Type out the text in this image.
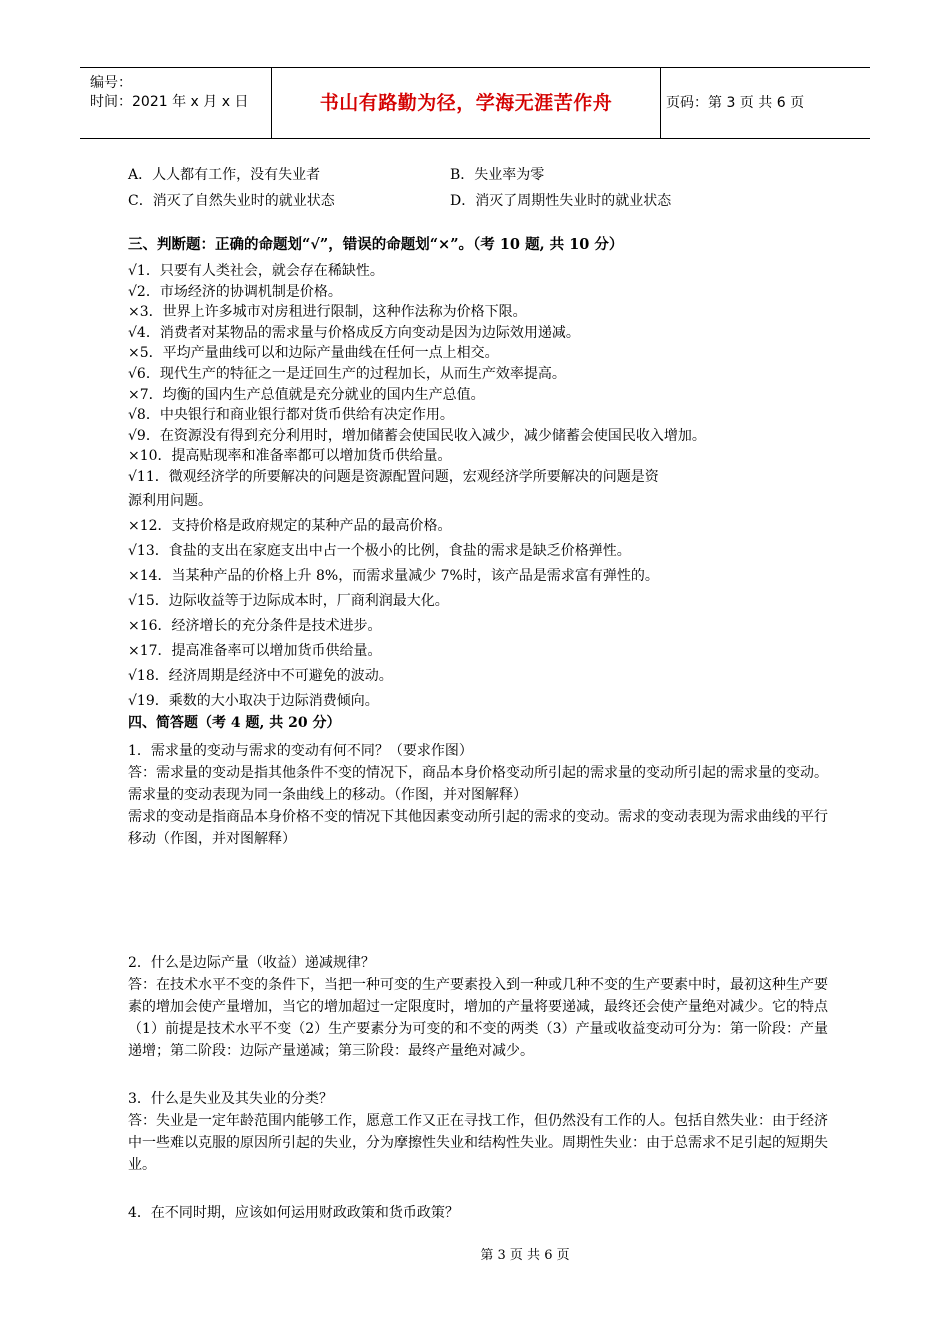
编号：
时间：2021 年 x 月 x 日	书山有路勤为径，学海无涯苦作舟	页码：第 3 页 共 6 页
A．人人都有工作，没有失业者	B．失业率为零
C．消灭了自然失业时的就业状态	D．消灭了周期性失业时的就业状态
三、判断题：正确的命题划“√”，错误的命题划“×”。（考 10 题, 共 10 分）
√1．只要有人类社会，就会存在稀缺性。
√2．市场经济的协调机制是价格。
×3．世界上许多城市对房租进行限制，这种作法称为价格下限。
√4．消费者对某物品的需求量与价格成反方向变动是因为边际效用递减。
×5．平均产量曲线可以和边际产量曲线在任何一点上相交。
√6．现代生产的特征之一是迂回生产的过程加长，从而生产效率提高。
×7．均衡的国内生产总值就是充分就业的国内生产总值。
√8．中央银行和商业银行都对货币供给有决定作用。
√9．在资源没有得到充分利用时，增加储蓄会使国民收入减少，减少储蓄会使国民收入增加。
×10．提高贴现率和准备率都可以增加货币供给量。
√11．微观经济学的所要解决的问题是资源配置问题，宏观经济学所要解决的问题是资
源利用问题。
×12．支持价格是政府规定的某种产品的最高价格。
√13．食盐的支出在家庭支出中占一个极小的比例，食盐的需求是缺乏价格弹性。
×14．当某种产品的价格上升 8%，而需求量减少 7%时，该产品是需求富有弹性的。
√15．边际收益等于边际成本时，厂商利润最大化。
×16．经济增长的充分条件是技术进步。
×17．提高准备率可以增加货币供给量。
√18．经济周期是经济中不可避免的波动。
√19．乘数的大小取决于边际消费倾向。
四、简答题（考 4 题, 共 20 分）
1．需求量的变动与需求的变动有何不同？（要求作图）

答：需求量的变动是指其他条件不变的情况下，商品本身价格变动所引起的需求量的变动所引起的需求量的变动。需求量的变动表现为同一条曲线上的移动。（作图，并对图解释）

需求的变动是指商品本身价格不变的情况下其他因素变动所引起的需求的变动。需求的变动表现为需求曲线的平行移动（作图，并对图解释）

2．什么是边际产量（收益）递减规律？

答：在技术水平不变的条件下，当把一种可变的生产要素投入到一种或几种不变的生产要素中时，最初这种生产要素的增加会使产量增加，当它的增加超过一定限度时，增加的产量将要递减，最终还会使产量绝对减少。它的特点（1）前提是技术水平不变（2）生产要素分为可变的和不变的两类（3）产量或收益变动可分为：第一阶段：产量递增；第二阶段：边际产量递减；第三阶段：最终产量绝对减少。

3．什么是失业及其失业的分类？

答：失业是一定年龄范围内能够工作，愿意工作又正在寻找工作，但仍然没有工作的人。包括自然失业：由于经济中一些难以克服的原因所引起的失业，分为摩擦性失业和结构性失业。周期性失业：由于总需求不足引起的短期失业。

4．在不同时期，应该如何运用财政政策和货币政策？
第 3 页 共 6 页
